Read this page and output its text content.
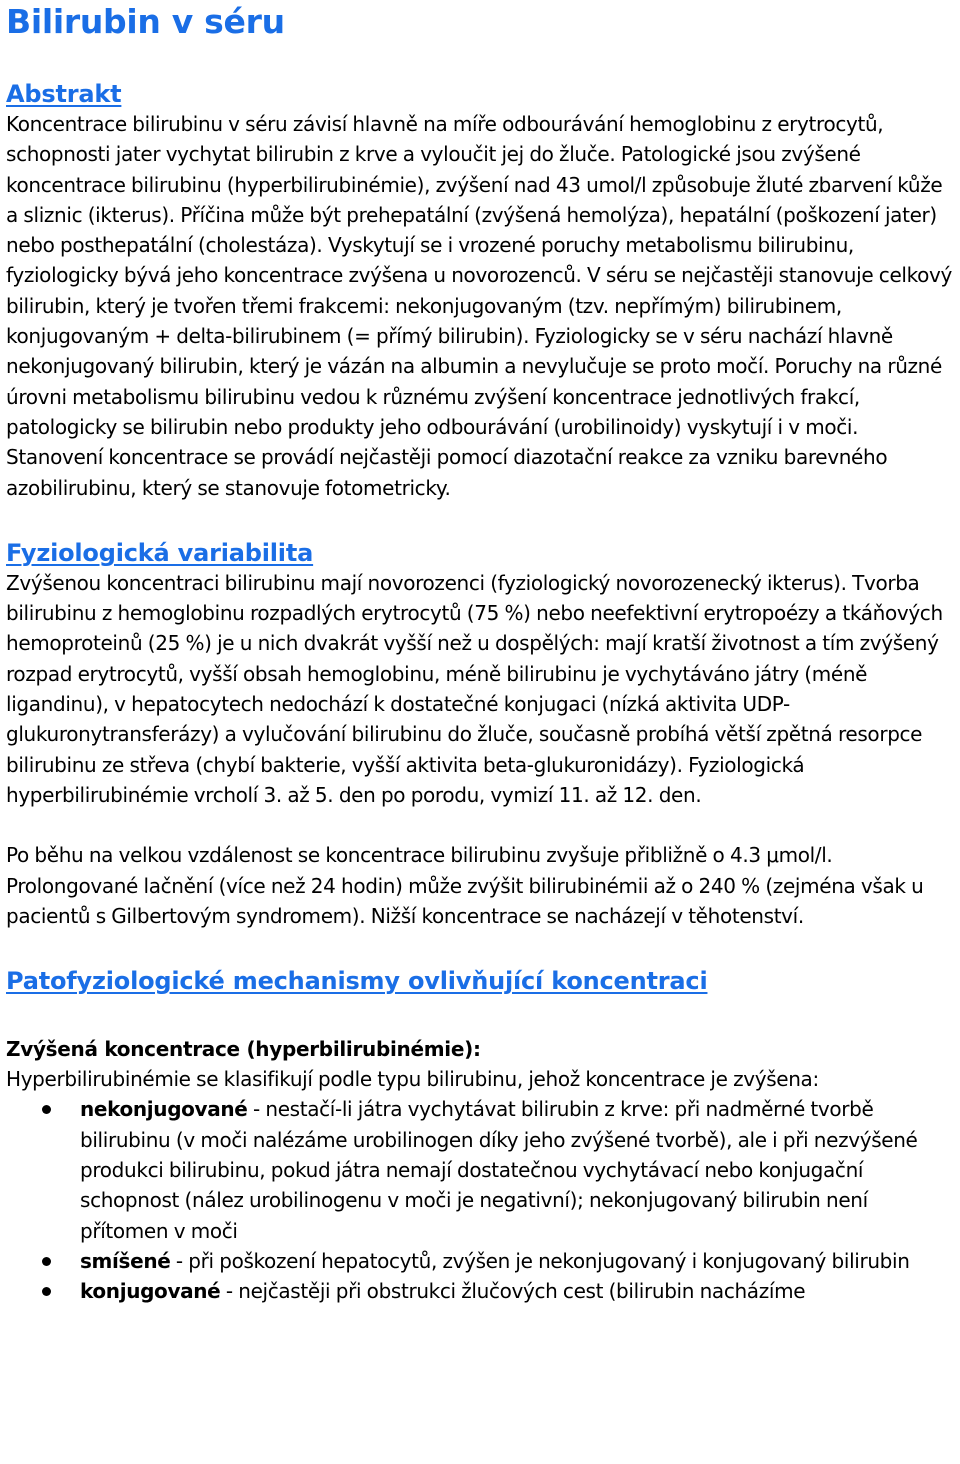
Bilirubin v séru
Abstrakt

Koncentrace bilirubinu v séru závisí hlavně na míře odbourávání hemoglobinu z erytrocytů, schopnosti jater vychytat bilirubin z krve a vyloučit jej do žluče. Patologické jsou zvýšené koncentrace bilirubinu (hyperbilirubinémie), zvýšení nad 43 umol/l způsobuje žluté zbarvení kůže a sliznic (ikterus). Příčina může být prehepatální (zvýšená hemolýza), hepatální (poškození jater) nebo posthepatální (cholestáza). Vyskytují se i vrozené poruchy metabolismu bilirubinu, fyziologicky bývá jeho koncentrace zvýšena u novorozenců. V séru se nejčastěji stanovuje celkový bilirubin, který je tvořen třemi frakcemi: nekonjugovaným (tzv. nepřímým) bilirubinem, konjugovaným + delta-bilirubinem (= přímý bilirubin). Fyziologicky se v séru nachází hlavně nekonjugovaný bilirubin, který je vázán na albumin a nevylučuje se proto močí. Poruchy na různé úrovni metabolismu bilirubinu vedou k různému zvýšení koncentrace jednotlivých frakcí, patologicky se bilirubin nebo produkty jeho odbourávání (urobilinoidy) vyskytují i v moči. Stanovení koncentrace se provádí nejčastěji pomocí diazotační reakce za vzniku barevného azobilirubinu, který se stanovuje fotometricky.

Fyziologická variabilita

Zvýšenou koncentraci bilirubinu mají novorozenci (fyziologický novorozenecký ikterus). Tvorba bilirubinu z hemoglobinu rozpadlých erytrocytů (75 %) nebo neefektivní erytropoézy a tkáňových hemoproteinů (25 %) je u nich dvakrát vyšší než u dospělých: mají kratší životnost a tím zvýšený rozpad erytrocytů, vyšší obsah hemoglobinu, méně bilirubinu je vychytáváno játry (méně ligandinu), v hepatocytech nedochází k dostatečné konjugaci (nízká aktivita UDP-glukuronytransferázy) a vylučování bilirubinu do žluče, současně probíhá větší zpětná resorpce bilirubinu ze střeva (chybí bakterie, vyšší aktivita beta-glukuronidázy). Fyziologická hyperbilirubinémie vrcholí 3. až 5. den po porodu, vymizí 11. až 12. den.

Po běhu na velkou vzdálenost se koncentrace bilirubinu zvyšuje přibližně o 4.3 μmol/l. Prolongované lačnění (více než 24 hodin) může zvýšit bilirubinémii až o 240 % (zejména však u pacientů s Gilbertovým syndromem). Nižší koncentrace se nacházejí v těhotenství.

Patofyziologické mechanismy ovlivňující koncentraci
Zvýšená koncentrace (hyperbilirubinémie):

Hyperbilirubinémie se klasifikují podle typu bilirubinu, jehož koncentrace je zvýšena:

nekonjugované - nestačí-li játra vychytávat bilirubin z krve: při nadměrné tvorbě bilirubinu (v moči nalézáme urobilinogen díky jeho zvýšené tvorbě), ale i při nezvýšené produkci bilirubinu, pokud játra nemají dostatečnou vychytávací nebo konjugační schopnost (nález urobilinogenu v moči je negativní); nekonjugovaný bilirubin není přítomen v moči
smíšené - při poškození hepatocytů, zvýšen je nekonjugovaný i konjugovaný bilirubin
konjugované - nejčastěji při obstrukci žlučových cest (bilirubin nacházíme
